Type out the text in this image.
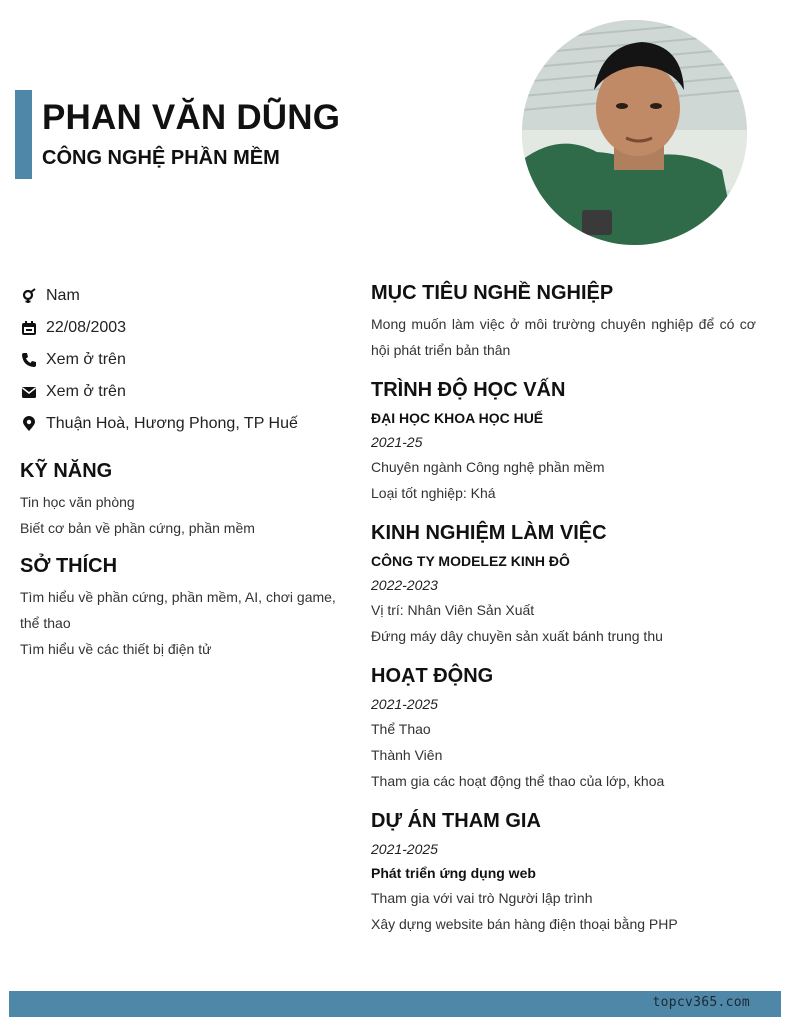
PHAN VĂN DŨNG
CÔNG NGHỆ PHẦN MỀM
Nam
22/08/2003
Xem ở trên
Xem ở trên
Thuận Hoà, Hương Phong, TP Huế
KỸ NĂNG
Tin học văn phòng
Biết cơ bản về phần cứng, phần mềm
SỞ THÍCH
Tìm hiểu về phần cứng, phần mềm, AI, chơi game, thể thao
Tìm hiểu về các thiết bị điện tử
MỤC TIÊU NGHỀ NGHIỆP
Mong muốn làm việc ở môi trường chuyên nghiệp để có cơ hội phát triển bản thân
TRÌNH ĐỘ HỌC VẤN
ĐẠI HỌC KHOA HỌC HUẾ
2021-25
Chuyên ngành Công nghệ phần mềm
Loại tốt nghiệp: Khá
KINH NGHIỆM LÀM VIỆC
CÔNG TY MODELEZ KINH ĐÔ
2022-2023
Vị trí: Nhân Viên Sản Xuất
Đứng máy dây chuyền sản xuất bánh trung thu
HOẠT ĐỘNG
2021-2025
Thể Thao
Thành Viên
Tham gia các hoạt động thể thao của lớp, khoa
DỰ ÁN THAM GIA
2021-2025
Phát triển ứng dụng web
Tham gia với vai trò Người lập trình
Xây dựng website bán hàng điện thoại bằng PHP
topcv365.com
